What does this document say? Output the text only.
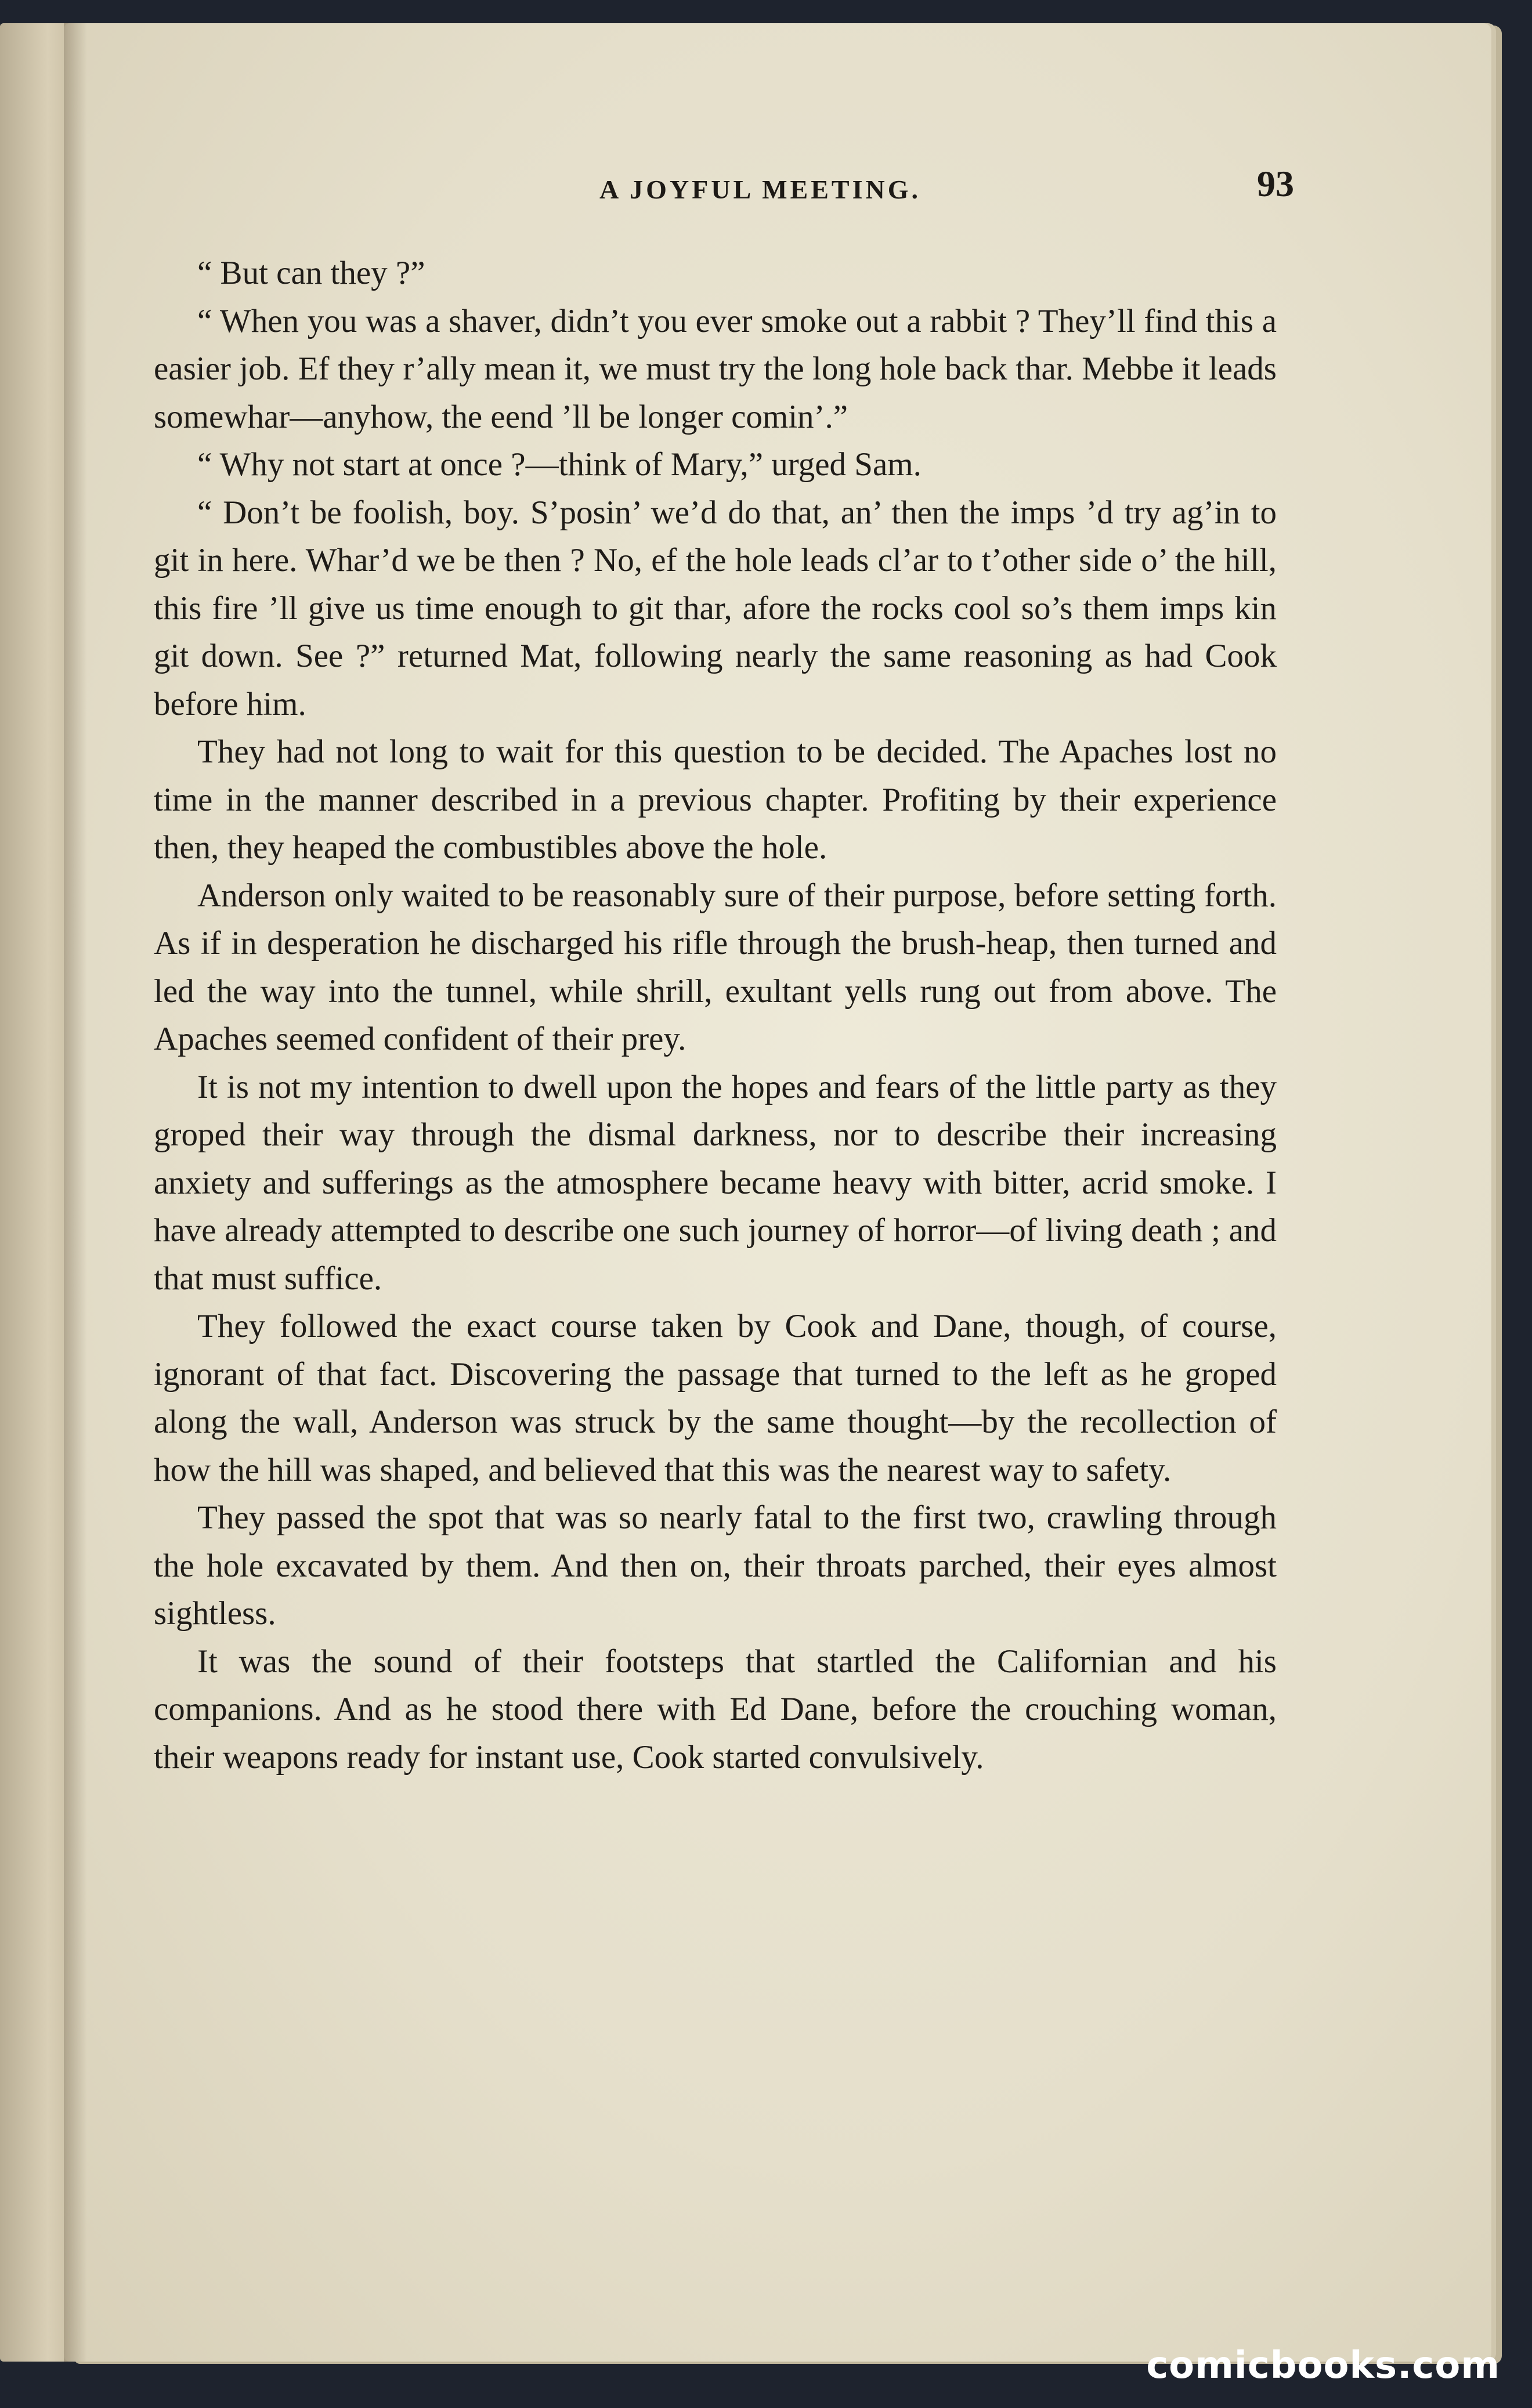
A JOYFUL MEETING.	93

“ But can they ?”

“ When you was a shaver, didn’t you ever smoke out a rabbit ? They’ll find this a easier job. Ef they r’ally mean it, we must try the long hole back thar. Mebbe it leads somewhar—anyhow, the eend ’ll be longer comin’.”

“ Why not start at once ?—think of Mary,” urged Sam.

“ Don’t be foolish, boy. S’posin’ we’d do that, an’ then the imps ’d try ag’in to git in here. Whar’d we be then ? No, ef the hole leads cl’ar to t’other side o’ the hill, this fire ’ll give us time enough to git thar, afore the rocks cool so’s them imps kin git down. See ?” returned Mat, following nearly the same reasoning as had Cook before him.

They had not long to wait for this question to be decided. The Apaches lost no time in the manner described in a previous chapter. Profiting by their experience then, they heaped the combustibles above the hole.

Anderson only waited to be reasonably sure of their purpose, before setting forth. As if in desperation he discharged his rifle through the brush-heap, then turned and led the way into the tunnel, while shrill, exultant yells rung out from above. The Apaches seemed confident of their prey.

It is not my intention to dwell upon the hopes and fears of the little party as they groped their way through the dismal darkness, nor to describe their increasing anxiety and sufferings as the atmosphere became heavy with bitter, acrid smoke. I have already attempted to describe one such journey of horror—of living death ; and that must suffice.

They followed the exact course taken by Cook and Dane, though, of course, ignorant of that fact. Discovering the passage that turned to the left as he groped along the wall, Anderson was struck by the same thought—by the recollection of how the hill was shaped, and believed that this was the nearest way to safety.

They passed the spot that was so nearly fatal to the first two, crawling through the hole excavated by them. And then on, their throats parched, their eyes almost sightless.

It was the sound of their footsteps that startled the Californian and his companions. And as he stood there with Ed Dane, before the crouching woman, their weapons ready for instant use, Cook started convulsively.

comicbooks.com
